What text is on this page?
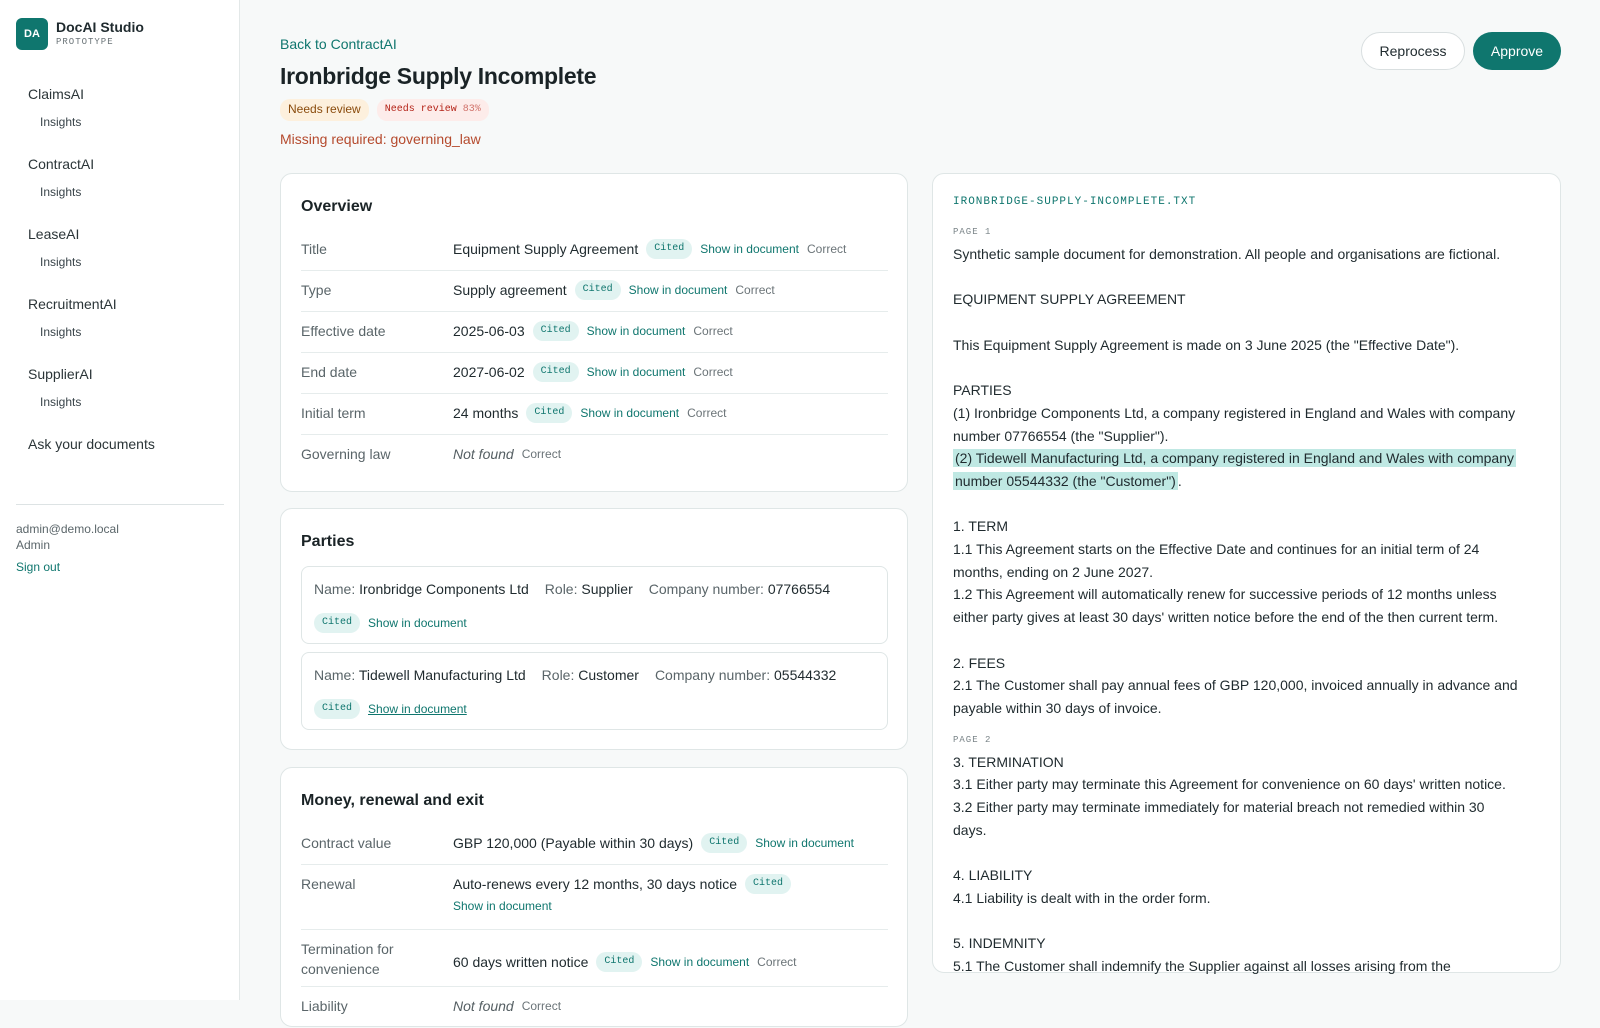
DA	DocAI Studio
PROTOTYPE
ClaimsAI
Insights
ContractAI
Insights
LeaseAI
Insights
RecruitmentAI
Insights
SupplierAI
Insights
Ask your documents
admin@demo.local
Admin
Sign out
Back to ContractAI
Ironbridge Supply Incomplete
Needs review	Needs review 83%
Missing required: governing_law
Reprocess	Approve
Overview
Title	Equipment Supply Agreement	Cited	Show in document Correct
Type	Supply agreement	Cited	Show in document Correct
Effective date	2025-06-03	Cited	Show in document Correct
End date	2027-06-02	Cited	Show in document Correct
Initial term	24 months	Cited	Show in document Correct
Governing law	Not found Correct
Parties
Name: Ironbridge Components Ltd Role: Supplier Company number: 07766554
Cited	Show in document
Name: Tidewell Manufacturing Ltd Role: Customer Company number: 05544332
Cited	Show in document
Money, renewal and exit
Contract value	GBP 120,000 (Payable within 30 days)	Cited	Show in document
Renewal	Auto-renews every 12 months, 30 days notice	Cited
Show in document
Termination for convenience	60 days written notice	Cited	Show in document Correct
Liability	Not found Correct
IRONBRIDGE-SUPPLY-INCOMPLETE.TXT
PAGE 1
Synthetic sample document for demonstration. All people and organisations are fictional.
EQUIPMENT SUPPLY AGREEMENT
This Equipment Supply Agreement is made on 3 June 2025 (the "Effective Date").
PARTIES
(1) Ironbridge Components Ltd, a company registered in England and Wales with company
number 07766554 (the "Supplier").
(2) Tidewell Manufacturing Ltd, a company registered in England and Wales with company
number 05544332 (the "Customer") .
1. TERM
1.1 This Agreement starts on the Effective Date and continues for an initial term of 24
months, ending on 2 June 2027.
1.2 This Agreement will automatically renew for successive periods of 12 months unless
either party gives at least 30 days' written notice before the end of the then current term.
2. FEES
2.1 The Customer shall pay annual fees of GBP 120,000, invoiced annually in advance and
payable within 30 days of invoice.
PAGE 2
3. TERMINATION
3.1 Either party may terminate this Agreement for convenience on 60 days' written notice.
3.2 Either party may terminate immediately for material breach not remedied within 30
days.
4. LIABILITY
4.1 Liability is dealt with in the order form.
5. INDEMNITY
5.1 The Customer shall indemnify the Supplier against all losses arising from the
